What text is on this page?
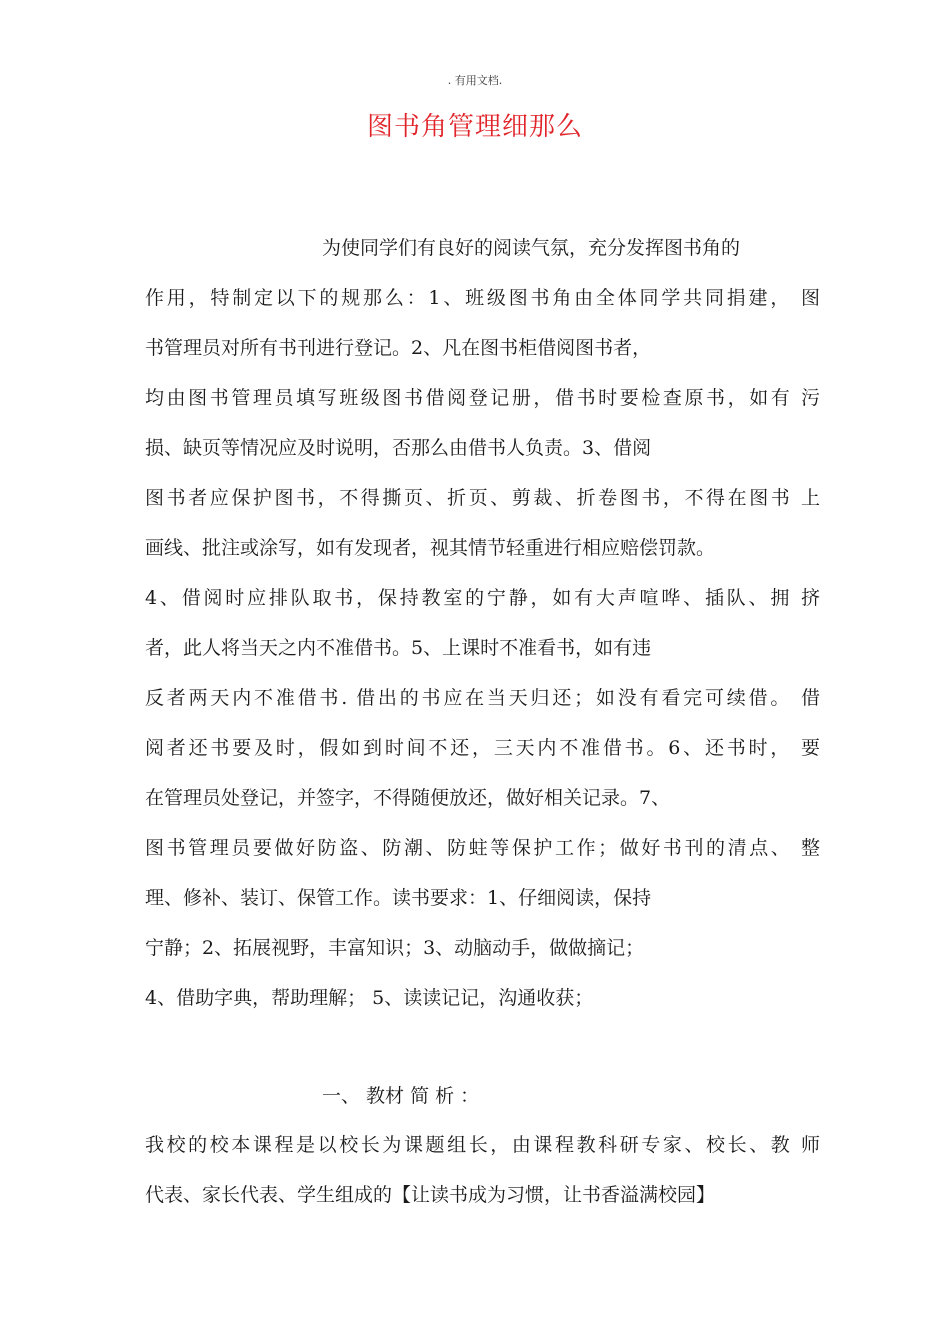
. 有用文档.
图书角管理细那么
为使同学们有良好的阅读气氛，充分发挥图书角的
作用，特制定以下的规那么：1、班级图书角由全体同学共同捐建， 图
书管理员对所有书刊进行登记。2、凡在图书柜借阅图书者，
均由图书管理员填写班级图书借阅登记册，借书时要检查原书，如有 污
损、缺页等情况应及时说明，否那么由借书人负责。3、借阅
图书者应保护图书，不得撕页、折页、剪裁、折卷图书，不得在图书 上
画线、批注或涂写，如有发现者，视其情节轻重进行相应赔偿罚款。
4、借阅时应排队取书，保持教室的宁静，如有大声喧哗、插队、拥 挤
者，此人将当天之内不准借书。5、上课时不准看书，如有违
反者两天内不准借书. 借出的书应在当天归还；如没有看完可续借。 借
阅者还书要及时，假如到时间不还，三天内不准借书。6、还书时， 要
在管理员处登记，并签字，不得随便放还，做好相关记录。7、
图书管理员要做好防盗、防潮、防蛀等保护工作；做好书刊的清点、 整
理、修补、装订、保管工作。读书要求：1、仔细阅读，保持
宁静；2、拓展视野，丰富知识；3、动脑动手，做做摘记；
4、借助字典，帮助理解； 5、读读记记，沟通收获；
一、 教材 简 析 ：
我校的校本课程是以校长为课题组长，由课程教科研专家、校长、教 师
代表、家长代表、学生组成的【让读书成为习惯，让书香溢满校园】
